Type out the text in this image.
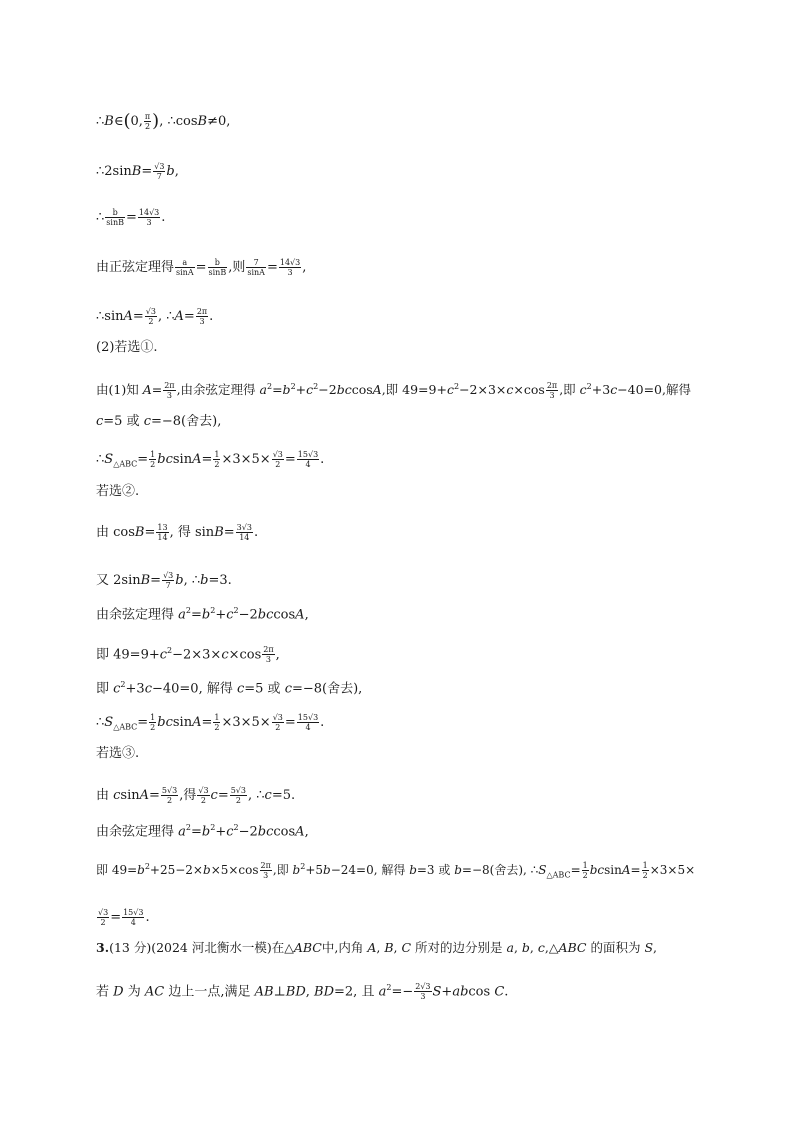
∴B∈(0, $\frac{\pi}{2}$ ), ∴cosB≠0,
∴2sinB= $\frac{√3}{7} b$,
∴ $\frac{b}{\sin B} = \frac{14√3}{3}$ .
由正弦定理得 $\frac{a}{\sin A} = \frac{b}{\sin B}$ ,则 $\frac{7}{\sin A} = \frac{14√3}{3}$ ,
∴sinA= $\frac{√3}{2}$ , ∴A= $\frac{2\pi}{3}$ .
(2)若选①.
由(1)知 $A= \frac{2\pi}{3}$ ,由余弦定理得 $a^2=b^2+c^2-2bccosA$,即 $49=9+c^2-2\times 3\times c\times\cos \frac{2\pi}{3}$ ,即 $c^2+3c-40=0$,解得
c=5 或 c=−8(舍去),
$\therefore S_{\triangle ABC}= \frac{1}{2} bcsinA= \frac{1}{2} \times 3\times 5\times \frac{√3}{2} = \frac{15√3}{4}$ .
若选②.
由 $\cos B= \frac{13}{14}$ , 得 $\sin B= \frac{3√3}{14}$ .
又 $2\sin B= \frac{√3}{7} b$, ∴b=3.
由余弦定理得 $a^2=b^2+c^2-2bccosA$,
即 $49=9+c^2-2\times 3\times c\times\cos \frac{2\pi}{3}$ ,
即 $c^2+3c-40=0$, 解得 c=5 或 c=−8(舍去),
$\therefore S_{\triangle ABC}= \frac{1}{2} bcsinA= \frac{1}{2} \times 3\times 5\times \frac{√3}{2} = \frac{15√3}{4}$ .
若选③.
由 $csinA= \frac{5√3}{2}$ ,得 $\frac{√3}{2} c= \frac{5√3}{2}$ , ∴c=5.
由余弦定理得 $a^2=b^2+c^2-2bccosA$,
即 $49=b^2+25-2\times b\times 5\times\cos \frac{2\pi}{3}$ ,即 $b^2+5b-24=0$, 解得 b=3 或 b=−8(舍去), $\therefore S_{\triangle ABC}= \frac{1}{2} bcsinA= \frac{1}{2} \times 3\times 5\times$
$\frac{√3}{2} = \frac{15√3}{4}$ .
3.(13 分)(2024 河北衡水一模)在△ABC中,内角 A, B, C 所对的边分别是 a, b, c,△ABC 的面积为 S,
若 D 为 AC 边上一点,满足 AB⊥BD, BD=2, 且 $a^2=- \frac{2√3}{3} S+abcos$ C.
